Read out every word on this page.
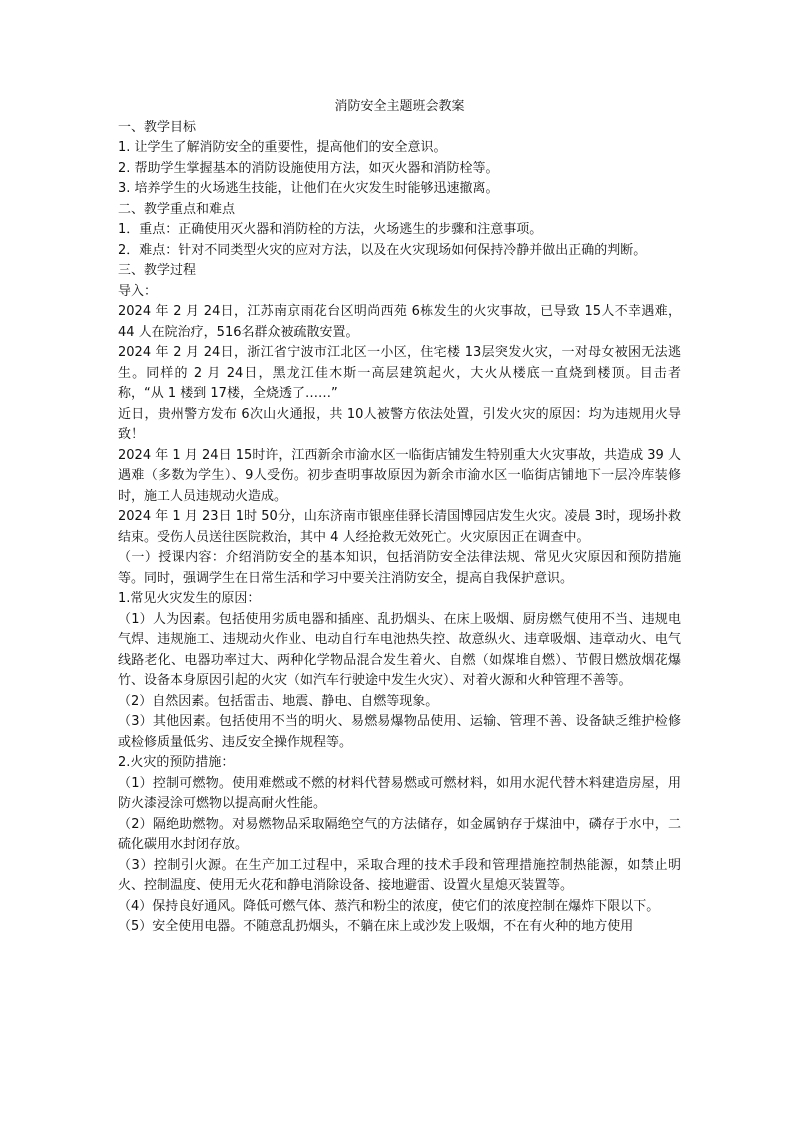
消防安全主题班会教案

一、教学目标

1. 让学生了解消防安全的重要性，提高他们的安全意识。

2. 帮助学生掌握基本的消防设施使用方法，如灭火器和消防栓等。

3. 培养学生的火场逃生技能，让他们在火灾发生时能够迅速撤离。

二、教学重点和难点

1．重点：正确使用灭火器和消防栓的方法，火场逃生的步骤和注意事项。

2．难点：针对不同类型火灾的应对方法，以及在火灾现场如何保持冷静并做出正确的判断。

三、教学过程

导入：

2024 年 2 月 24日，江苏南京雨花台区明尚西苑 6栋发生的火灾事故，已导致 15人不幸遇难，44 人在院治疗，516名群众被疏散安置。

2024 年 2 月 24日，浙江省宁波市江北区一小区，住宅楼 13层突发火灾，一对母女被困无法逃生。同样的 2 月 24日，黑龙江佳木斯一高层建筑起火，大火从楼底一直烧到楼顶。目击者称，“从 1 楼到 17楼，全烧透了……”

近日，贵州警方发布 6次山火通报，共 10人被警方依法处置，引发火灾的原因：均为违规用火导致！

2024 年 1 月 24日 15时许，江西新余市渝水区一临街店铺发生特别重大火灾事故，共造成 39 人遇难（多数为学生）、9人受伤。初步查明事故原因为新余市渝水区一临街店铺地下一层冷库装修时，施工人员违规动火造成。

2024 年 1 月 23日 1时 50分，山东济南市银座佳驿长清国博园店发生火灾。凌晨 3时，现场扑救结束。受伤人员送往医院救治，其中 4 人经抢救无效死亡。火灾原因正在调查中。

（一）授课内容：介绍消防安全的基本知识，包括消防安全法律法规、常见火灾原因和预防措施等。同时，强调学生在日常生活和学习中要关注消防安全，提高自我保护意识。

1.常见火灾发生的原因：

（1）人为因素。包括使用劣质电器和插座、乱扔烟头、在床上吸烟、厨房燃气使用不当、违规电气焊、违规施工、违规动火作业、电动自行车电池热失控、故意纵火、违章吸烟、违章动火、电气线路老化、电器功率过大、两种化学物品混合发生着火、自燃（如煤堆自燃）、节假日燃放烟花爆竹、设备本身原因引起的火灾（如汽车行驶途中发生火灾）、对着火源和火种管理不善等。

（2）自然因素。包括雷击、地震、静电、自燃等现象。

（3）其他因素。包括使用不当的明火、易燃易爆物品使用、运输、管理不善、设备缺乏维护检修或检修质量低劣、违反安全操作规程等。

2.火灾的预防措施：

（1）控制可燃物。使用难燃或不燃的材料代替易燃或可燃材料，如用水泥代替木料建造房屋，用防火漆浸涂可燃物以提高耐火性能。

（2）隔绝助燃物。对易燃物品采取隔绝空气的方法储存，如金属钠存于煤油中，磷存于水中，二硫化碳用水封闭存放。

（3）控制引火源。在生产加工过程中，采取合理的技术手段和管理措施控制热能源，如禁止明火、控制温度、使用无火花和静电消除设备、接地避雷、设置火星熄灭装置等。

（4）保持良好通风。降低可燃气体、蒸汽和粉尘的浓度，使它们的浓度控制在爆炸下限以下。

（5）安全使用电器。不随意乱扔烟头，不躺在床上或沙发上吸烟，不在有火种的地方使用
